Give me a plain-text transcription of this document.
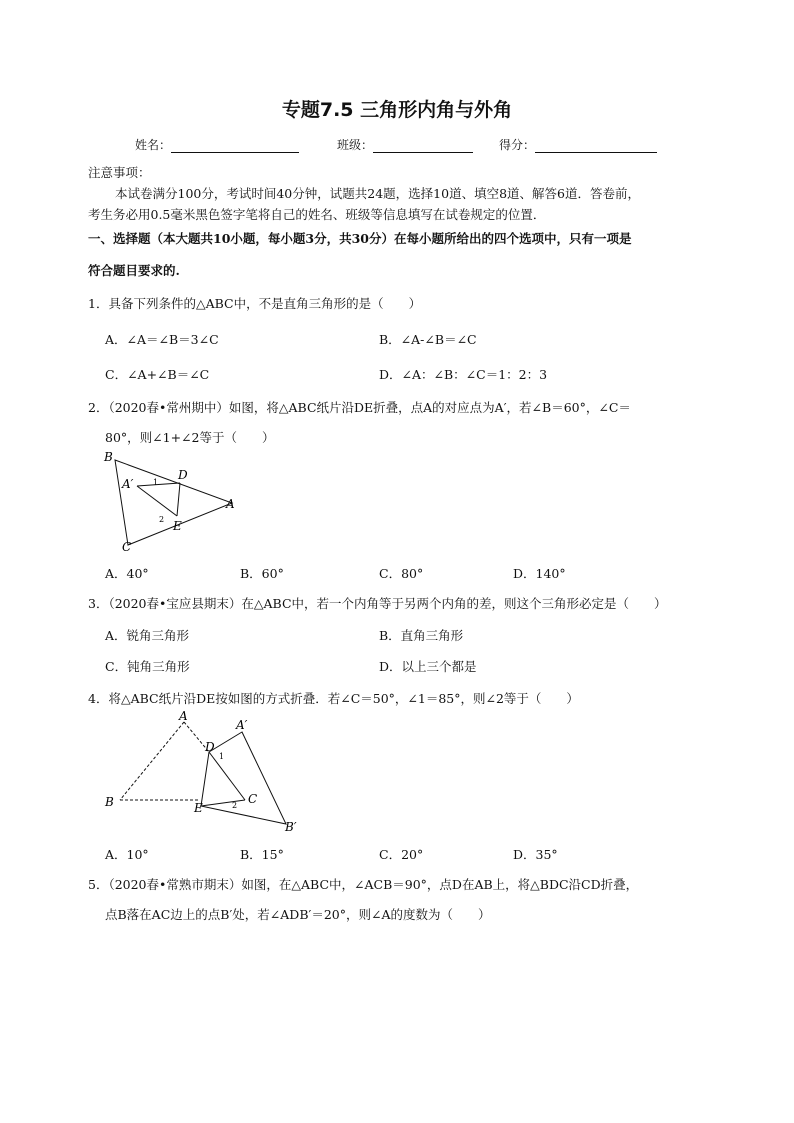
专题7.5 三角形内角与外角
姓名：	班级：	得分：
注意事项：
本试卷满分100分，考试时间40分钟，试题共24题，选择10道、填空8道、解答6道．答卷前，
考生务必用0.5毫米黑色签字笔将自己的姓名、班级等信息填写在试卷规定的位置．
一、选择题（本大题共10小题，每小题3分，共30分）在每小题所给出的四个选项中，只有一项是
符合题目要求的.
1．具备下列条件的△ABC中，不是直角三角形的是（　　）
A．∠A＝∠B＝3∠C	B．∠A-∠B＝∠C
C．∠A+∠B＝∠C	D．∠A：∠B：∠C＝1：2：3
2．（2020春•常州期中）如图，将△ABC纸片沿DE折叠，点A的对应点为A′，若∠B＝60°，∠C＝
80°，则∠1+∠2等于（　　）
B
D
A′
A
E
C
1
2
A．40°	B．60°	C．80°	D．140°
3．（2020春•宝应县期末）在△ABC中，若一个内角等于另两个内角的差，则这个三角形必定是（　　）
A．锐角三角形	B．直角三角形
C．钝角三角形	D．以上三个都是
4．将△ABC纸片沿DE按如图的方式折叠．若∠C＝50°，∠1＝85°，则∠2等于（　　）
A
A′
D
1
B	E	2 C
B′
A．10°	B．15°	C．20°	D．35°
5．（2020春•常熟市期末）如图，在△ABC中，∠ACB＝90°，点D在AB上，将△BDC沿CD折叠，
点B落在AC边上的点B′处，若∠ADB′＝20°，则∠A的度数为（　　）
